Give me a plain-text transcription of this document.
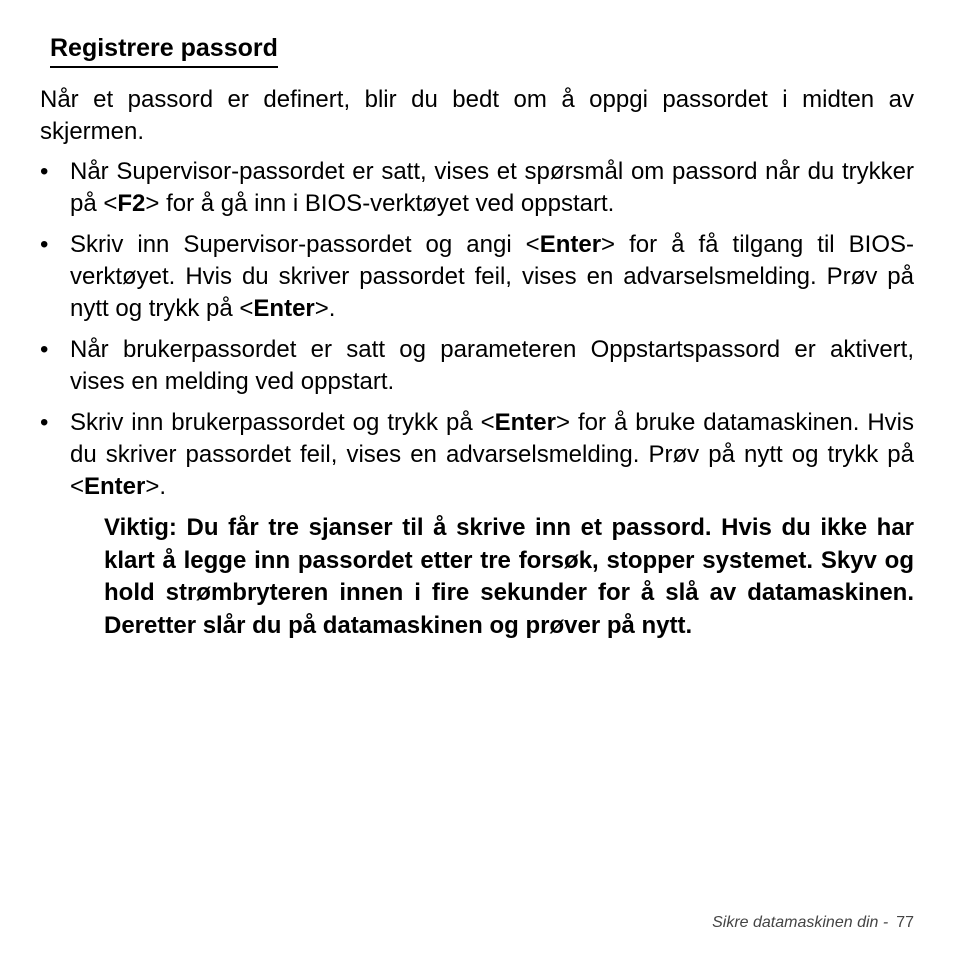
Registrere passord

Når et passord er definert, blir du bedt om å oppgi passordet i midten av skjermen.

• Når Supervisor-passordet er satt, vises et spørsmål om passord når du trykker på <F2> for å gå inn i BIOS-verktøyet ved oppstart.
• Skriv inn Supervisor-passordet og angi <Enter> for å få tilgang til BIOS-verktøyet. Hvis du skriver passordet feil, vises en advarselsmelding. Prøv på nytt og trykk på <Enter>.
• Når brukerpassordet er satt og parameteren Oppstartspassord er aktivert, vises en melding ved oppstart.
• Skriv inn brukerpassordet og trykk på <Enter> for å bruke datamaskinen. Hvis du skriver passordet feil, vises en advarselsmelding. Prøv på nytt og trykk på <Enter>.

Viktig: Du får tre sjanser til å skrive inn et passord. Hvis du ikke har klart å legge inn passordet etter tre forsøk, stopper systemet. Skyv og hold strømbryteren innen i fire sekunder for å slå av datamaskinen. Deretter slår du på datamaskinen og prøver på nytt.

Sikre datamaskinen din - 77
